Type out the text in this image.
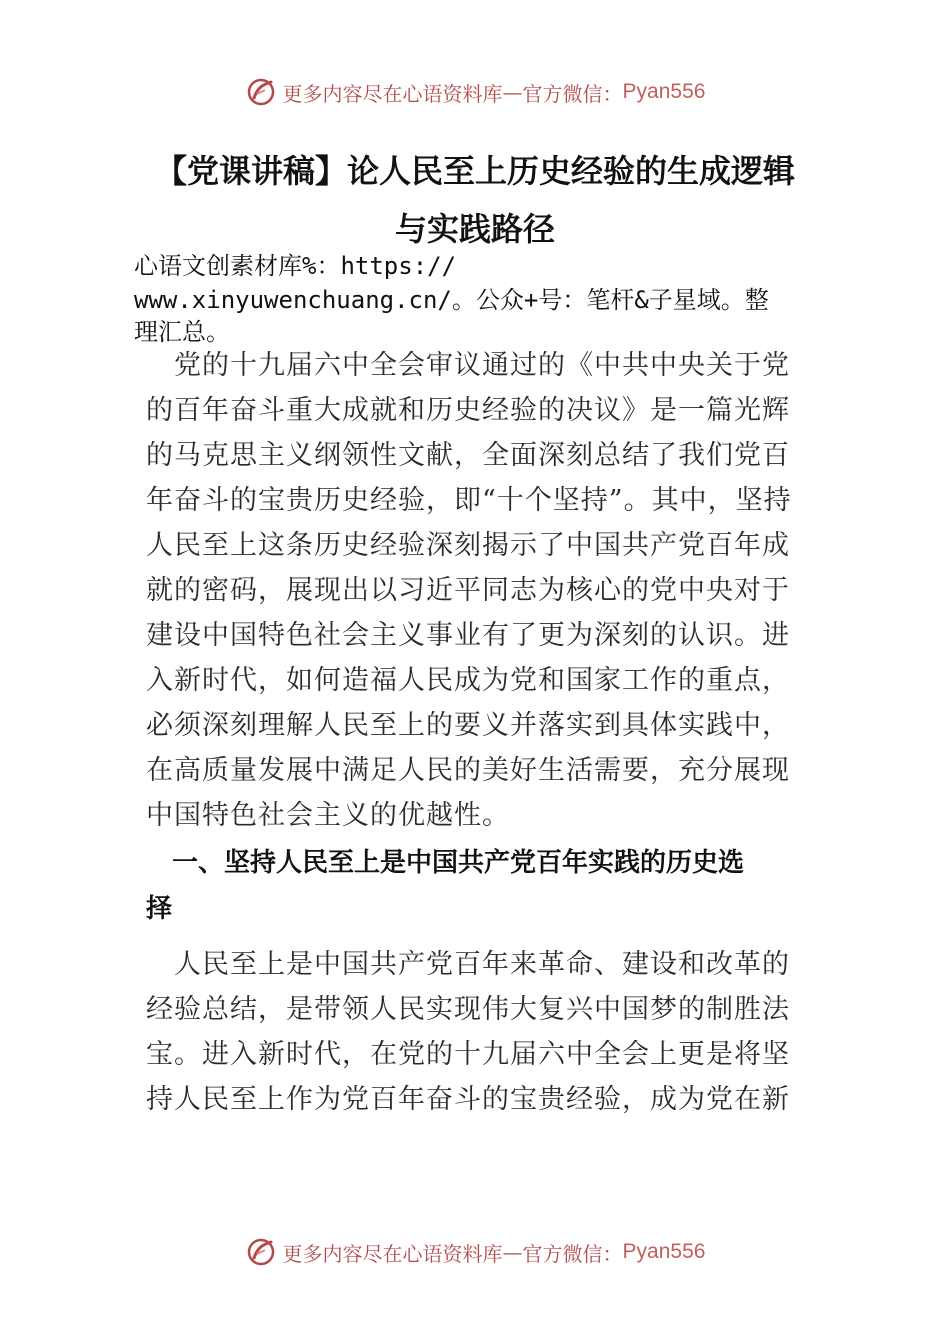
更多内容尽在心语资料库 — 官方微信： Pyan556
【党课讲稿】论人民至上历史经验的生成逻辑
与实践路径
心语文创素材库%：https://
www.xinyuwenchuang.cn/。公众+号：笔杆&子星域。整
理汇总。
　党的十九届六中全会审议通过的《中共中央关于党
的百年奋斗重大成就和历史经验的决议》是一篇光辉
的马克思主义纲领性文献，全面深刻总结了我们党百
年奋斗的宝贵历史经验，即“十个坚持”。其中，坚持
人民至上这条历史经验深刻揭示了中国共产党百年成
就的密码，展现出以习近平同志为核心的党中央对于
建设中国特色社会主义事业有了更为深刻的认识。进
入新时代，如何造福人民成为党和国家工作的重点，
必须深刻理解人民至上的要义并落实到具体实践中，
在高质量发展中满足人民的美好生活需要，充分展现
中国特色社会主义的优越性。
　一、坚持人民至上是中国共产党百年实践的历史选
择
　人民至上是中国共产党百年来革命、建设和改革的
经验总结，是带领人民实现伟大复兴中国梦的制胜法
宝。进入新时代，在党的十九届六中全会上更是将坚
持人民至上作为党百年奋斗的宝贵经验，成为党在新
更多内容尽在心语资料库 — 官方微信： Pyan556
